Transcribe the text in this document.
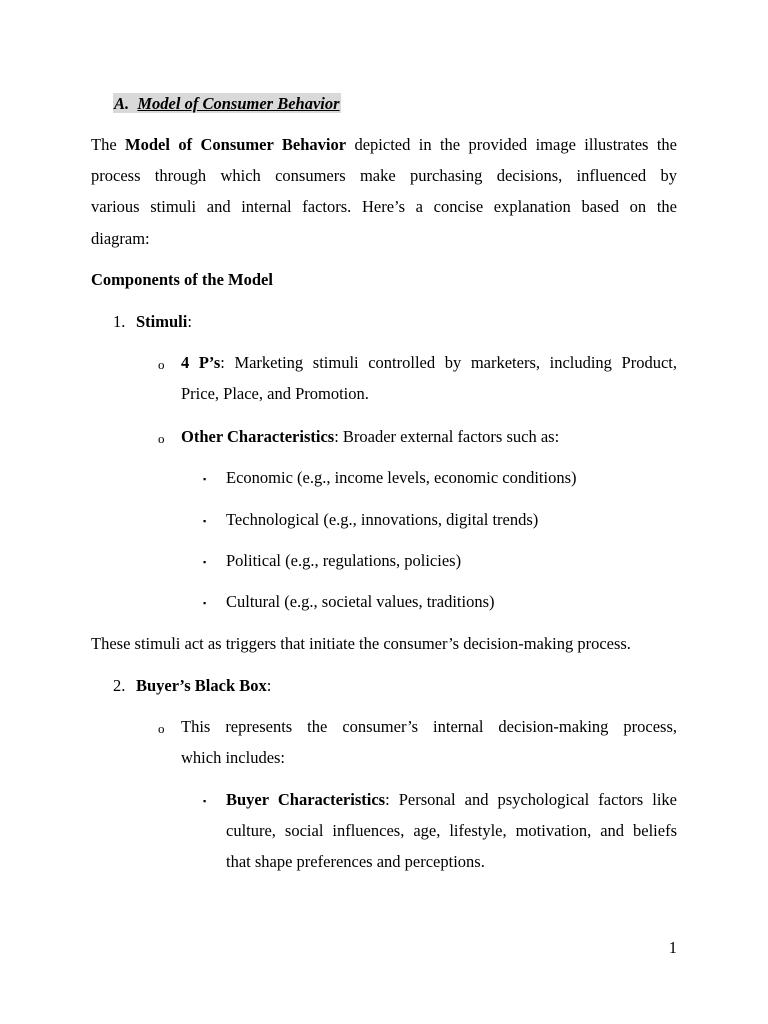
A. Model of Consumer Behavior
The Model of Consumer Behavior depicted in the provided image illustrates the
process through which consumers make purchasing decisions, influenced by
various stimuli and internal factors. Here’s a concise explanation based on the
diagram:
Components of the Model
1. Stimuli:
o 4 P’s: Marketing stimuli controlled by marketers, including Product,
Price, Place, and Promotion.
o Other Characteristics: Broader external factors such as:
▪ Economic (e.g., income levels, economic conditions)
▪ Technological (e.g., innovations, digital trends)
▪ Political (e.g., regulations, policies)
▪ Cultural (e.g., societal values, traditions)
These stimuli act as triggers that initiate the consumer’s decision-making process.
2. Buyer’s Black Box:
o This represents the consumer’s internal decision-making process,
which includes:
▪ Buyer Characteristics: Personal and psychological factors like
culture, social influences, age, lifestyle, motivation, and beliefs
that shape preferences and perceptions.
1
